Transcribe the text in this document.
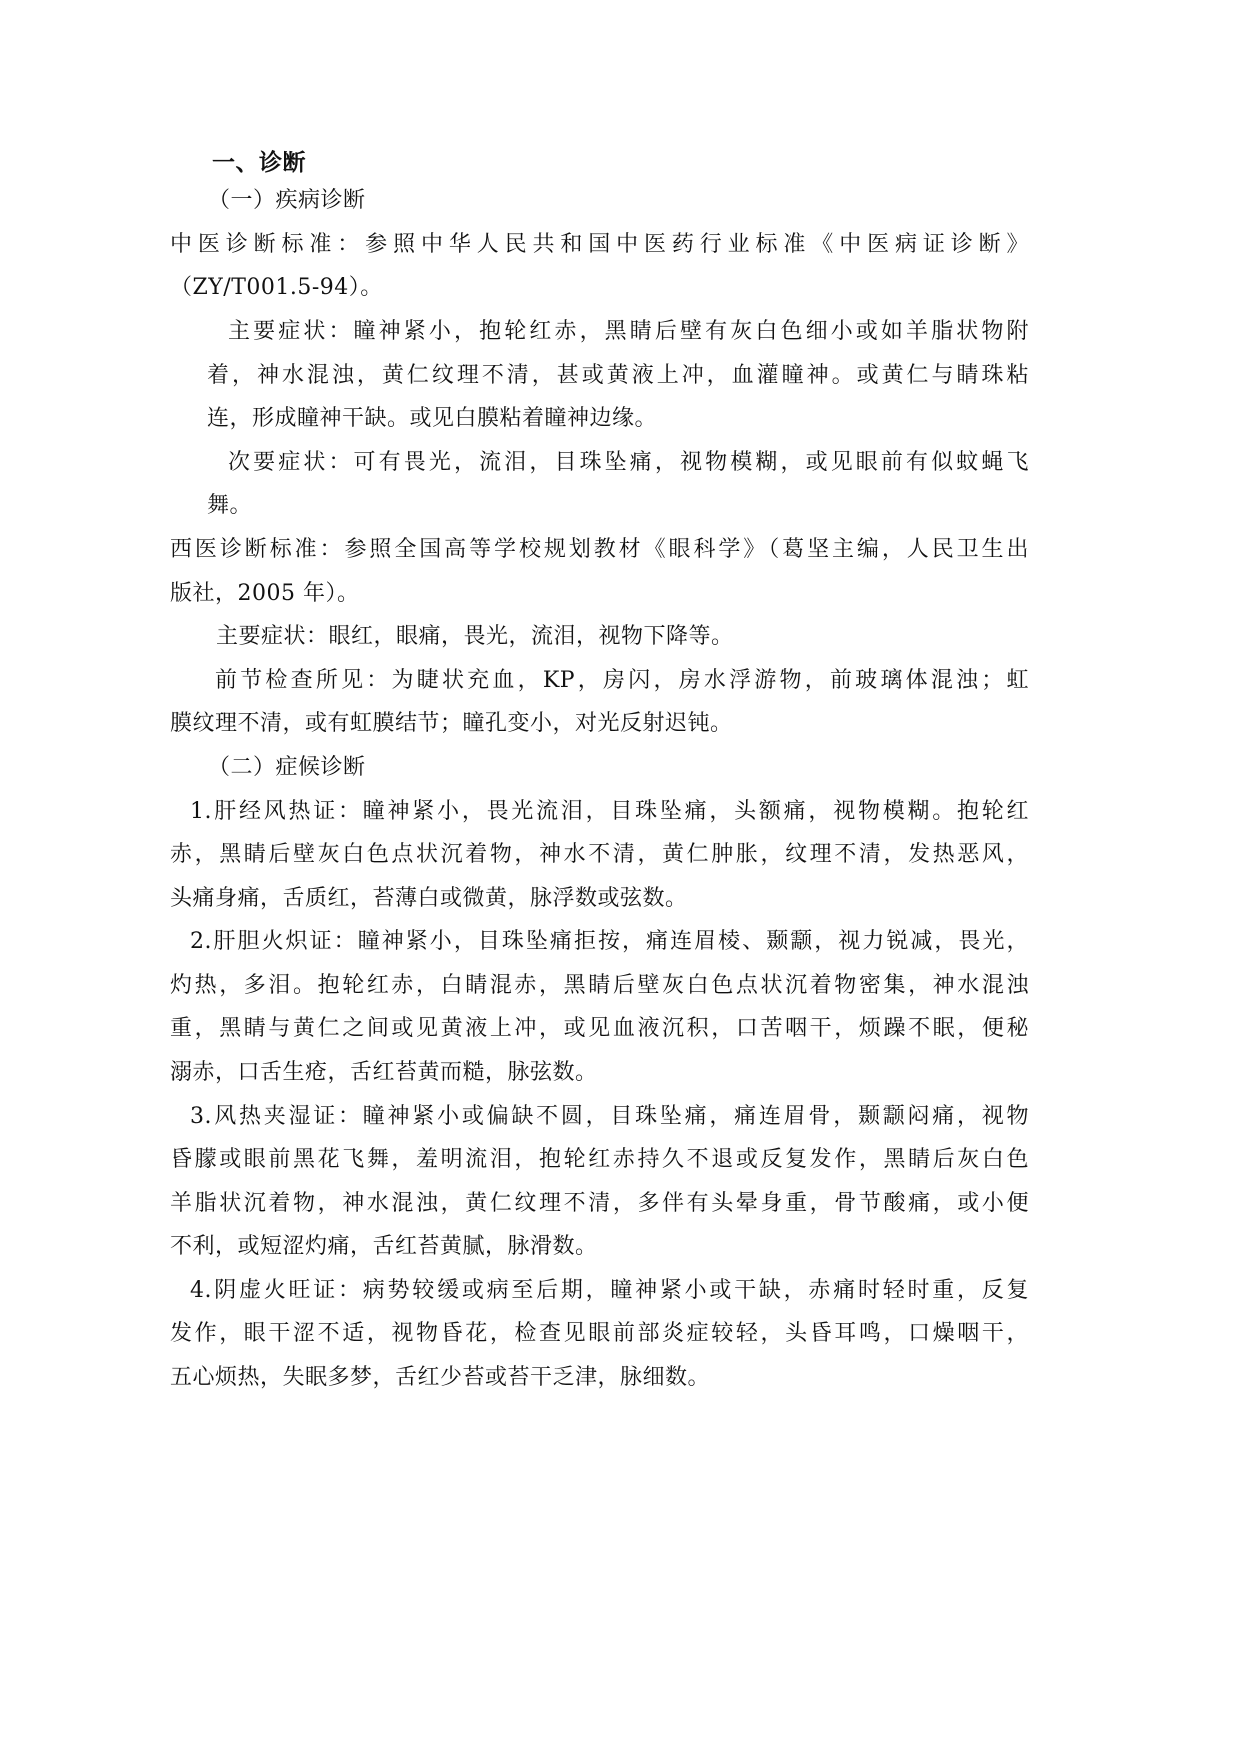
一、诊断

（一）疾病诊断

中医诊断标准：参照中华人民共和国中医药行业标准《中医病证诊断》

（ZY/T001.5-94）。

主要症状：瞳神紧小，抱轮红赤，黑睛后壁有灰白色细小或如羊脂状物附

着，神水混浊，黄仁纹理不清，甚或黄液上冲，血灌瞳神。或黄仁与睛珠粘

连，形成瞳神干缺。或见白膜粘着瞳神边缘。

次要症状：可有畏光，流泪，目珠坠痛，视物模糊，或见眼前有似蚊蝇飞

舞。

西医诊断标准：参照全国高等学校规划教材《眼科学》（葛坚主编，人民卫生出

版社，2005 年）。

主要症状：眼红，眼痛，畏光，流泪，视物下降等。

前节检查所见：为睫状充血，KP，房闪，房水浮游物，前玻璃体混浊；虹

膜纹理不清，或有虹膜结节；瞳孔变小，对光反射迟钝。

（二）症候诊断

1.肝经风热证：瞳神紧小，畏光流泪，目珠坠痛，头额痛，视物模糊。抱轮红

赤，黑睛后壁灰白色点状沉着物，神水不清，黄仁肿胀，纹理不清，发热恶风，

头痛身痛，舌质红，苔薄白或微黄，脉浮数或弦数。

2.肝胆火炽证：瞳神紧小，目珠坠痛拒按，痛连眉棱、颞颥，视力锐减，畏光，

灼热，多泪。抱轮红赤，白睛混赤，黑睛后壁灰白色点状沉着物密集，神水混浊

重，黑睛与黄仁之间或见黄液上冲，或见血液沉积，口苦咽干，烦躁不眠，便秘

溺赤，口舌生疮，舌红苔黄而糙，脉弦数。

3.风热夹湿证：瞳神紧小或偏缺不圆，目珠坠痛，痛连眉骨，颞颥闷痛，视物

昏朦或眼前黑花飞舞，羞明流泪，抱轮红赤持久不退或反复发作，黑睛后灰白色

羊脂状沉着物，神水混浊，黄仁纹理不清，多伴有头晕身重，骨节酸痛，或小便

不利，或短涩灼痛，舌红苔黄腻，脉滑数。

4.阴虚火旺证：病势较缓或病至后期，瞳神紧小或干缺，赤痛时轻时重，反复

发作，眼干涩不适，视物昏花，检查见眼前部炎症较轻，头昏耳鸣，口燥咽干，

五心烦热，失眠多梦，舌红少苔或苔干乏津，脉细数。
